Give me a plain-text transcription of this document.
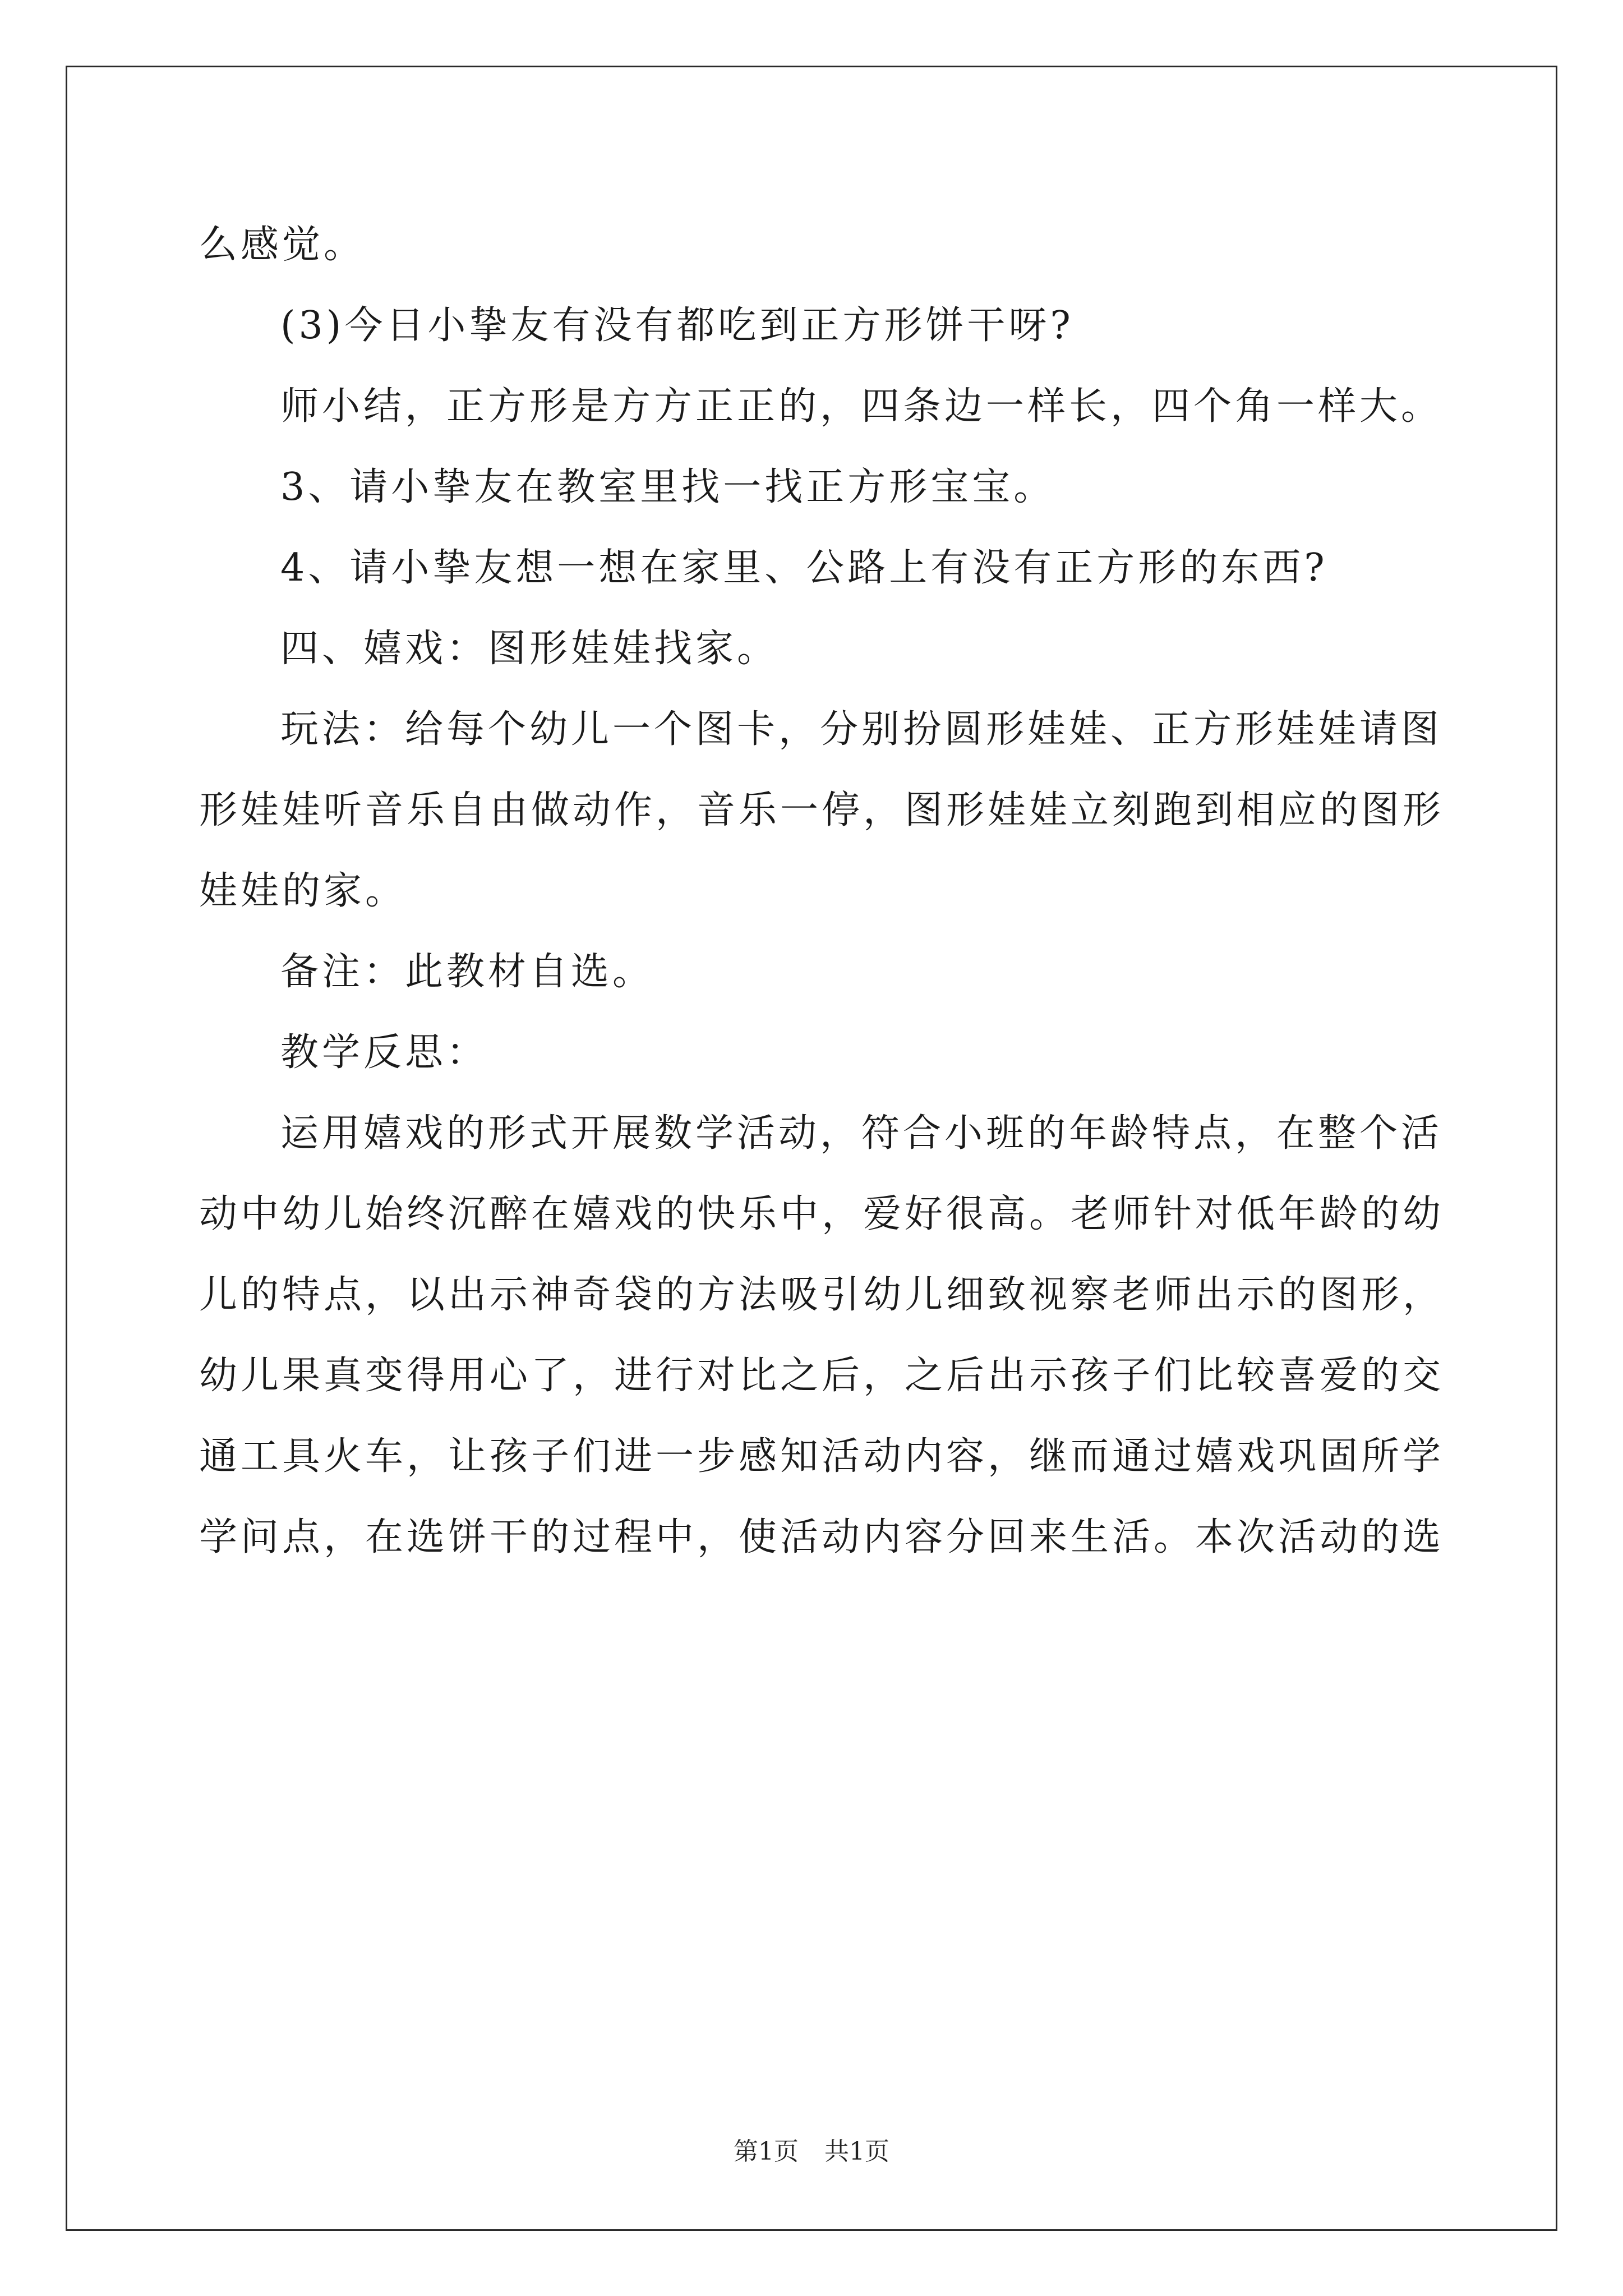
么感觉。

(3)今日小挚友有没有都吃到正方形饼干呀?

师小结，正方形是方方正正的，四条边一样长，四个角一样大。

3、请小挚友在教室里找一找正方形宝宝。

4、请小挚友想一想在家里、公路上有没有正方形的东西?

四、嬉戏：图形娃娃找家。

玩法：给每个幼儿一个图卡，分别扮圆形娃娃、正方形娃娃请图

形娃娃听音乐自由做动作，音乐一停，图形娃娃立刻跑到相应的图形

娃娃的家。

备注：此教材自选。

教学反思：

运用嬉戏的形式开展数学活动，符合小班的年龄特点，在整个活

动中幼儿始终沉醉在嬉戏的快乐中，爱好很高。老师针对低年龄的幼

儿的特点，以出示神奇袋的方法吸引幼儿细致视察老师出示的图形，

幼儿果真变得用心了，进行对比之后，之后出示孩子们比较喜爱的交

通工具火车，让孩子们进一步感知活动内容，继而通过嬉戏巩固所学

学问点，在选饼干的过程中，使活动内容分回来生活。本次活动的选

第1页 共1页
